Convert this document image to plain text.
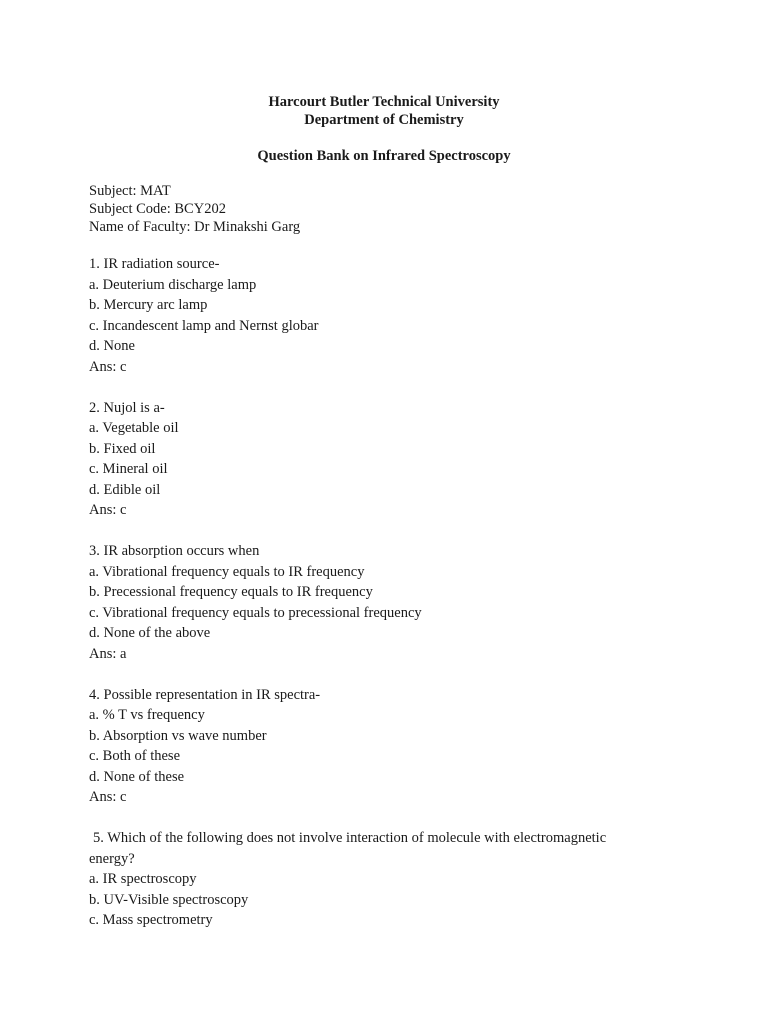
Harcourt Butler Technical University
Department of Chemistry
Question Bank on Infrared Spectroscopy
Subject: MAT
Subject Code: BCY202
Name of Faculty: Dr Minakshi Garg
1. IR radiation source-
a. Deuterium discharge lamp
b. Mercury arc lamp
c. Incandescent lamp and Nernst globar
d. None
Ans: c
2. Nujol is a-
a. Vegetable oil
b. Fixed oil
c. Mineral oil
d. Edible oil
Ans: c
3. IR absorption occurs when
a. Vibrational frequency equals to IR frequency
b. Precessional frequency equals to IR frequency
c. Vibrational frequency equals to precessional frequency
d. None of the above
Ans: a
4. Possible representation in IR spectra-
a. % T vs frequency
b. Absorption vs wave number
c. Both of these
d. None of these
Ans: c
5. Which of the following does not involve interaction of molecule with electromagnetic
energy?
a. IR spectroscopy
b. UV-Visible spectroscopy
c. Mass spectrometry
